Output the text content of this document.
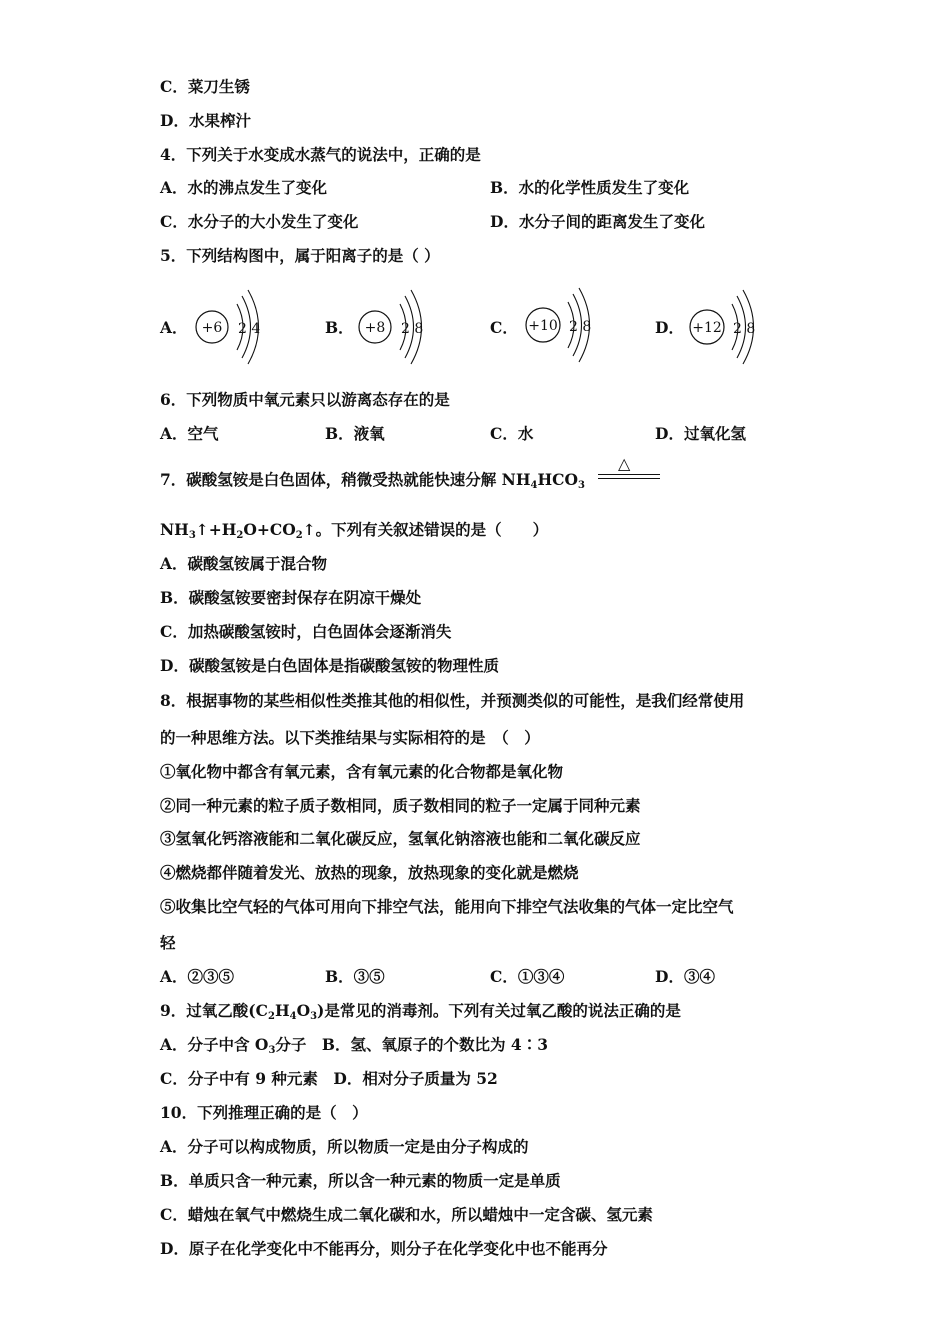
C．菜刀生锈
D．水果榨汁
4．下列关于水变成水蒸气的说法中，正确的是
A．水的沸点发生了变化	B．水的化学性质发生了变化
C．水分子的大小发生了变化	D．水分子间的距离发生了变化
5．下列结构图中，属于阳离子的是（ ）
A． +6 2 4	B． +8 2 8	C． +10 2 8	D． +12 2 8
6．下列物质中氧元素只以游离态存在的是
A．空气	B．液氧	C．水	D．过氧化氢
7．碳酸氢铵是白色固体，稍微受热就能快速分解 $NH_4HCO_3$
△
$NH_3↑+H_2O+CO_2↑$。下列有关叙述错误的是（　　）
A．碳酸氢铵属于混合物
B．碳酸氢铵要密封保存在阴凉干燥处
C．加热碳酸氢铵时，白色固体会逐渐消失
D．碳酸氢铵是白色固体是指碳酸氢铵的物理性质
8．根据事物的某些相似性类推其他的相似性，并预测类似的可能性，是我们经常使用
的一种思维方法。以下类推结果与实际相符的是　（　）
①氧化物中都含有氧元素，含有氧元素的化合物都是氧化物
②同一种元素的粒子质子数相同，质子数相同的粒子一定属于同种元素
③氢氧化钙溶液能和二氧化碳反应，氢氧化钠溶液也能和二氧化碳反应
④燃烧都伴随着发光、放热的现象，放热现象的变化就是燃烧
⑤收集比空气轻的气体可用向下排空气法，能用向下排空气法收集的气体一定比空气
轻
A．②③⑤	B．③⑤	C．①③④	D．③④
9．过氧乙酸$(C_2H_4O_3)$是常见的消毒剂。下列有关过氧乙酸的说法正确的是
A．分子中含 $O_3$分子　B．氢、氧原子的个数比为 4∶3
C．分子中有 9 种元素　D．相对分子质量为 52
10．下列推理正确的是（　）
A．分子可以构成物质，所以物质一定是由分子构成的
B．单质只含一种元素，所以含一种元素的物质一定是单质
C．蜡烛在氧气中燃烧生成二氧化碳和水，所以蜡烛中一定含碳、氢元素
D．原子在化学变化中不能再分，则分子在化学变化中也不能再分
